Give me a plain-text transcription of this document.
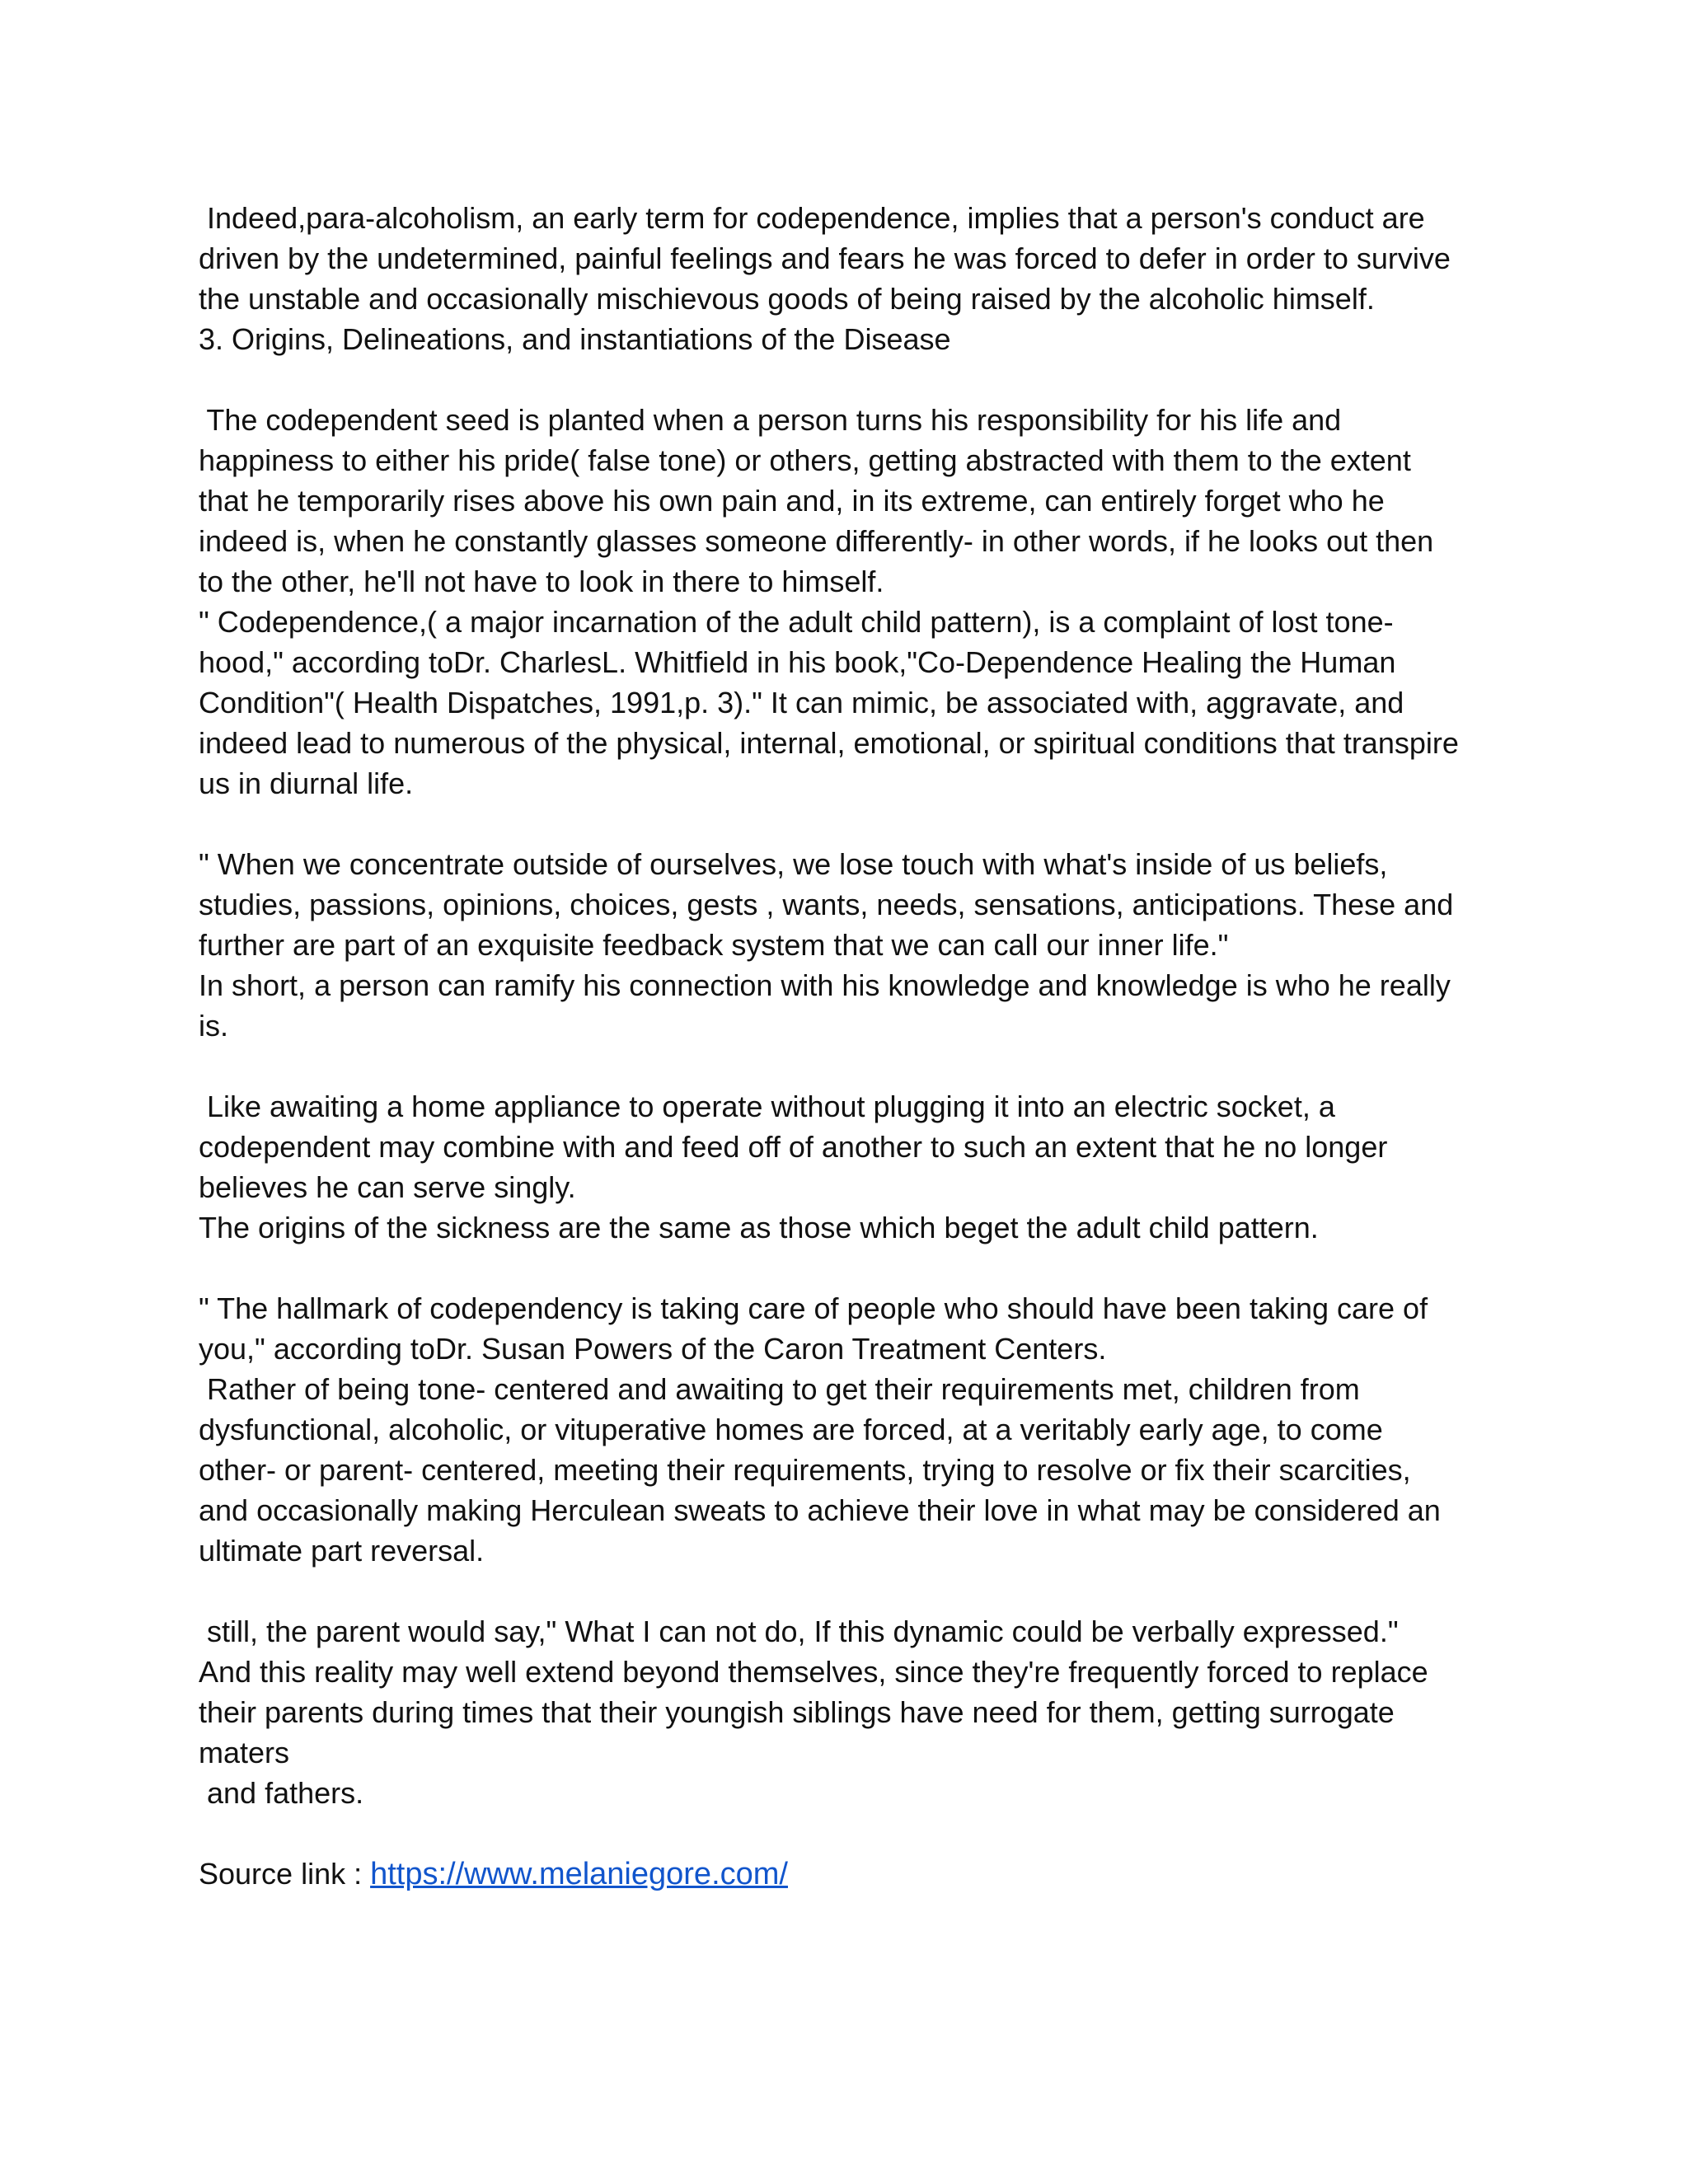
Indeed,para-alcoholism, an early term for codependence, implies that a person's conduct are
driven by the undetermined, painful feelings and fears he was forced to defer in order to survive
the unstable and occasionally mischievous goods of being raised by the alcoholic himself.
3. Origins, Delineations, and instantiations of the Disease
The codependent seed is planted when a person turns his responsibility for his life and
happiness to either his pride( false tone) or others, getting abstracted with them to the extent
that he temporarily rises above his own pain and, in its extreme, can entirely forget who he
indeed is, when he constantly glasses someone differently- in other words, if he looks out then
to the other, he'll not have to look in there to himself.
" Codependence,( a major incarnation of the adult child pattern), is a complaint of lost tone-
hood," according toDr. CharlesL. Whitfield in his book,"Co-Dependence Healing the Human
Condition"( Health Dispatches, 1991,p. 3)." It can mimic, be associated with, aggravate, and
indeed lead to numerous of the physical, internal, emotional, or spiritual conditions that transpire
us in diurnal life.
" When we concentrate outside of ourselves, we lose touch with what's inside of us beliefs,
studies, passions, opinions, choices, gests , wants, needs, sensations, anticipations. These and
further are part of an exquisite feedback system that we can call our inner life."
In short, a person can ramify his connection with his knowledge and knowledge is who he really
is.
Like awaiting a home appliance to operate without plugging it into an electric socket, a
codependent may combine with and feed off of another to such an extent that he no longer
believes he can serve singly.
The origins of the sickness are the same as those which beget the adult child pattern.
" The hallmark of codependency is taking care of people who should have been taking care of
you," according toDr. Susan Powers of the Caron Treatment Centers.
Rather of being tone- centered and awaiting to get their requirements met, children from
dysfunctional, alcoholic, or vituperative homes are forced, at a veritably early age, to come
other- or parent- centered, meeting their requirements, trying to resolve or fix their scarcities,
and occasionally making Herculean sweats to achieve their love in what may be considered an
ultimate part reversal.
still, the parent would say," What I can not do, If this dynamic could be verbally expressed."
And this reality may well extend beyond themselves, since they're frequently forced to replace
their parents during times that their youngish siblings have need for them, getting surrogate
maters
and fathers.
Source link : https://www.melaniegore.com/
